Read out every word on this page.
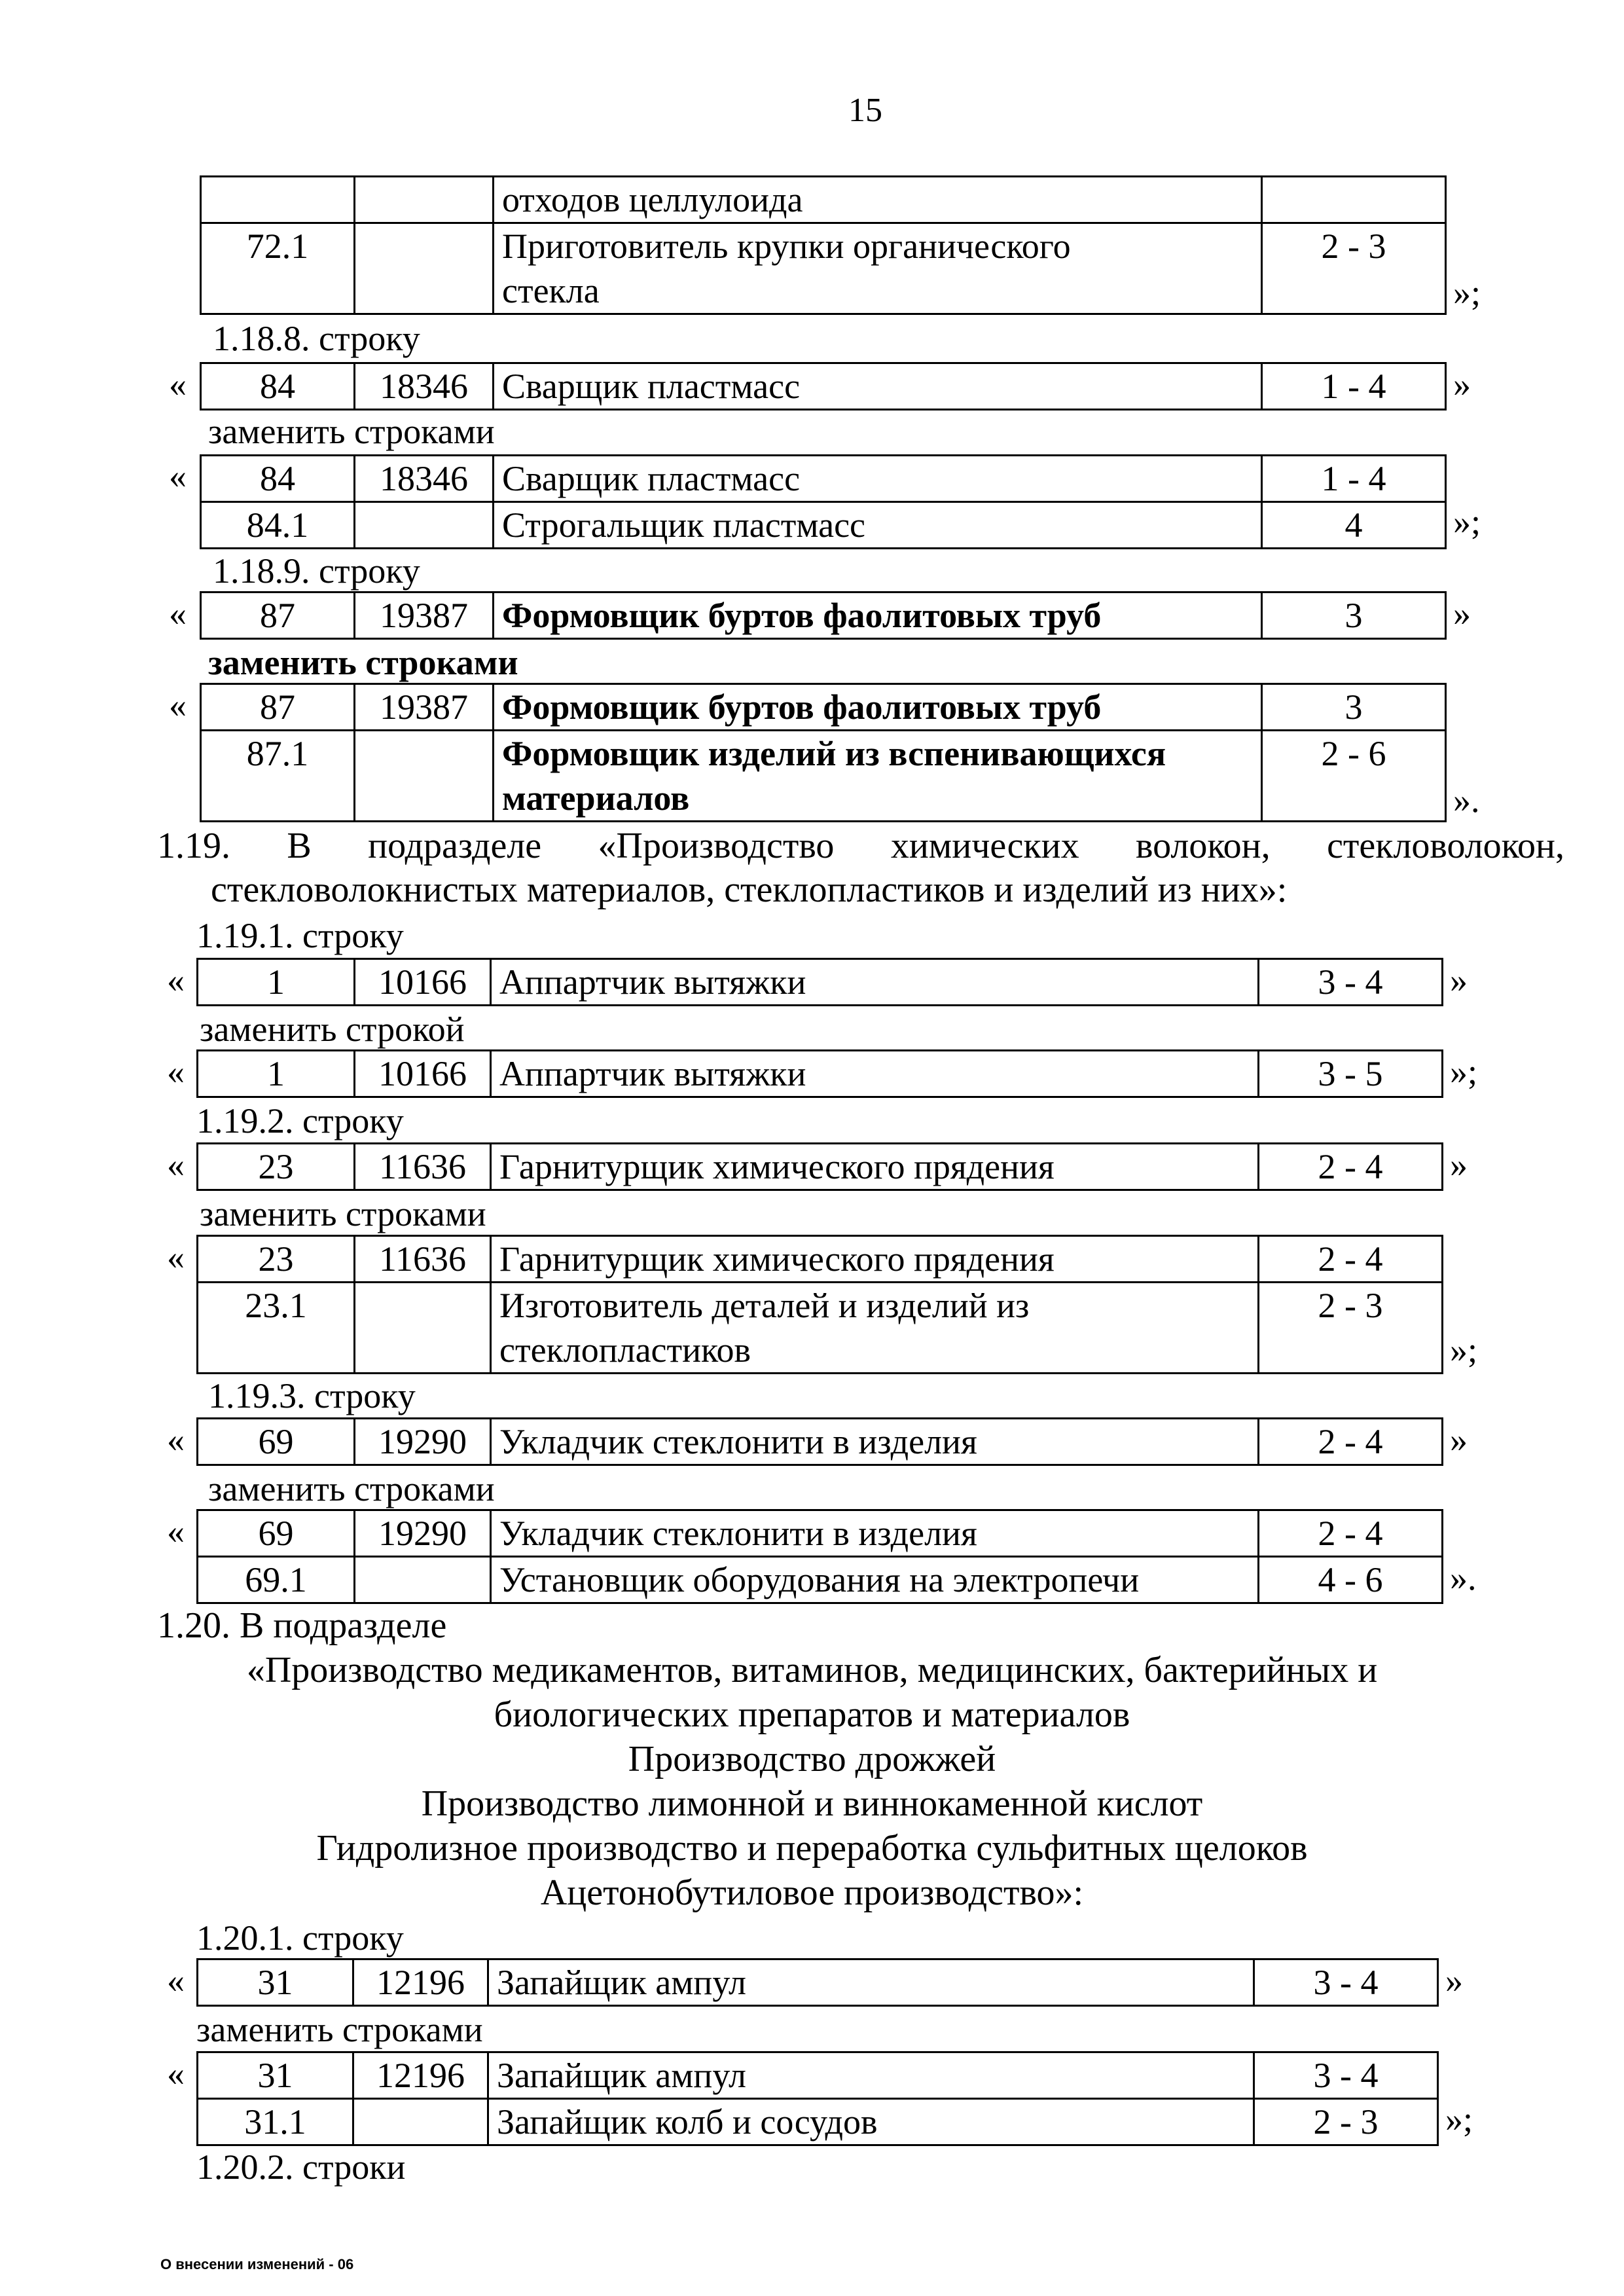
15
		отходов целлулоида	
72.1		Приготовитель крупки органического стекла	2 - 3
»;
1.18.8. строку
« 84	18346	Сварщик пластмасс	1 - 4 »
заменить строками
« 84	18346	Сварщик пластмасс	1 - 4
84.1		Строгальщик пластмасс	4	»;
1.18.9. строку
« 87	19387	Формовщик буртов фаолитовых труб	3	»
заменить строками
« 87	19387	Формовщик буртов фаолитовых труб	3
87.1		Формовщик изделий из вспенивающихся материалов	2 - 6
».
1.19. В подразделе «Производство химических волокон, стекловолокон,
стекловолокнистых материалов, стеклопластиков и изделий из них»:
1.19.1. строку
« 1	10166	Аппартчик вытяжки	3 - 4 »
заменить строкой
« 1	10166	Аппартчик вытяжки	3 - 5 »;
1.19.2. строку
« 23	11636	Гарнитурщик химического прядения	2 - 4 »
заменить строками
« 23	11636	Гарнитурщик химического прядения	2 - 4
23.1		Изготовитель деталей и изделий из стеклопластиков	2 - 3
»;
1.19.3. строку
« 69	19290	Укладчик стеклонити в изделия	2 - 4 »
заменить строками
« 69	19290	Укладчик стеклонити в изделия	2 - 4
69.1		Установщик оборудования на электропечи	4 - 6 ».
1.20. В подразделе
«Производство медикаментов, витаминов, медицинских, бактерийных и
биологических препаратов и материалов
Производство дрожжей
Производство лимонной и виннокаменной кислот
Гидролизное производство и переработка сульфитных щелоков
Ацетонобутиловое производство»:
1.20.1. строку
« 31	12196	Запайщик ампул	3 - 4 »
заменить строками
« 31	12196	Запайщик ампул	3 - 4
31.1		Запайщик колб и сосудов	2 - 3 »;
1.20.2. строки
О внесении изменений - 06
